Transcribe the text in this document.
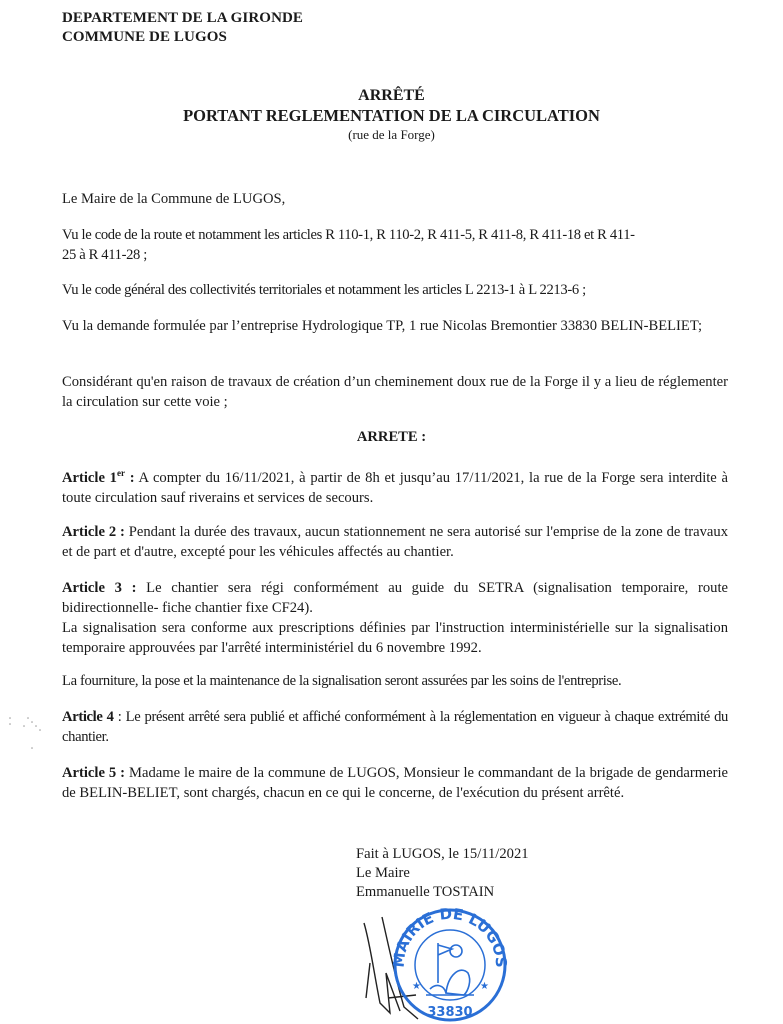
DEPARTEMENT DE LA GIRONDE
COMMUNE DE LUGOS
ARRÊTÉ
PORTANT REGLEMENTATION DE LA CIRCULATION
(rue de la Forge)
Le Maire de la Commune de LUGOS,
Vu le code de la route et notamment les articles R 110-1, R 110-2, R 411-5, R 411-8, R 411-18 et R 411-
25 à R 411-28 ;
Vu le code général des collectivités territoriales et notamment les articles L 2213-1 à L 2213-6 ;
Vu la demande formulée par l’entreprise Hydrologique TP, 1 rue Nicolas Bremontier 33830 BELIN-BELIET;
Considérant qu'en raison de travaux de création d’un cheminement doux rue de la Forge il y a lieu de réglementer la circulation sur cette voie ;
ARRETE :
Article 1er : A compter du 16/11/2021, à partir de 8h et jusqu’au 17/11/2021, la rue de la Forge sera interdite à toute circulation sauf riverains et services de secours.
Article 2 : Pendant la durée des travaux, aucun stationnement ne sera autorisé sur l'emprise de la zone de travaux et de part et d'autre, excepté pour les véhicules affectés au chantier.
Article 3 : Le chantier sera régi conformément au guide du SETRA (signalisation temporaire, route bidirectionnelle- fiche chantier fixe CF24).
La signalisation sera conforme aux prescriptions définies par l'instruction interministérielle sur la signalisation temporaire approuvées par l'arrêté interministériel du 6 novembre 1992.
La fourniture, la pose et la maintenance de la signalisation seront assurées par les soins de l'entreprise.
Article 4 : Le présent arrêté sera publié et affiché conformément à la réglementation en vigueur à chaque extrémité du chantier.
Article 5 : Madame le maire de la commune de LUGOS, Monsieur le commandant de la brigade de gendarmerie de BELIN-BELIET, sont chargés, chacun en ce qui le concerne, de l'exécution du présent arrêté.
Fait à LUGOS, le 15/11/2021
Le Maire
Emmanuelle TOSTAIN
MAIRIE DE LUGOS
33830
★	★
